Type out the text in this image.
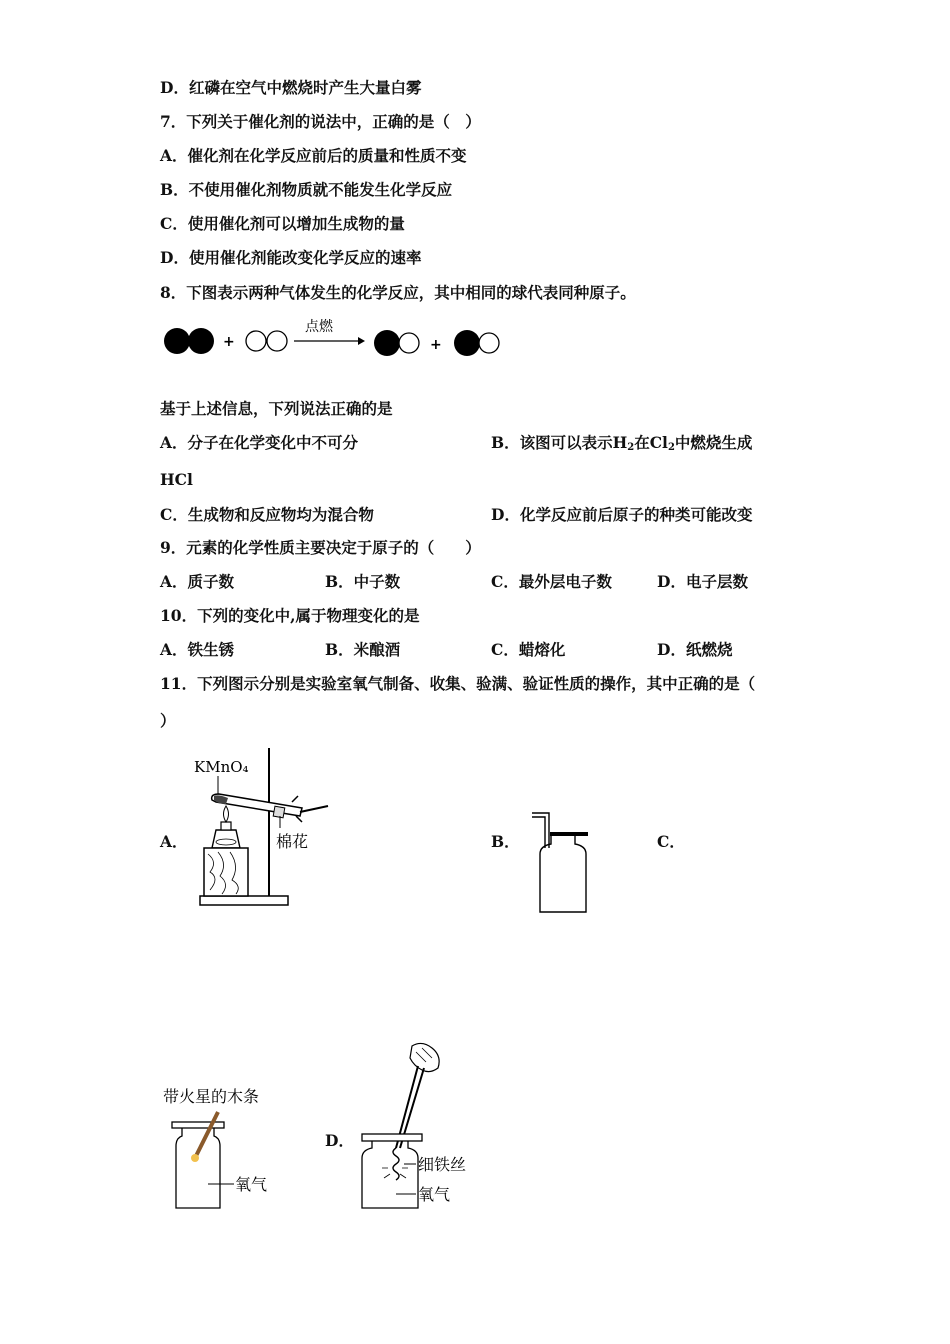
D．红磷在空气中燃烧时产生大量白雾
7．下列关于催化剂的说法中，正确的是（　）
A．催化剂在化学反应前后的质量和性质不变
B．不使用催化剂物质就不能发生化学反应
C．使用催化剂可以增加生成物的量
D．使用催化剂能改变化学反应的速率
8．下图表示两种气体发生的化学反应，其中相同的球代表同种原子。
+
点燃
+
基于上述信息，下列说法正确的是
A．分子在化学变化中不可分	B．该图可以表示$H_2$在$Cl_2$中燃烧生成
HCl
C．生成物和反应物均为混合物	D．化学反应前后原子的种类可能改变
9．元素的化学性质主要决定于原子的（　　）
A．质子数	B．中子数	C．最外层电子数	D．电子层数
10．下列的变化中,属于物理变化的是
A．铁生锈	B．米酿酒	C．蜡熔化	D．纸燃烧
11．下列图示分别是实验室氧气制备、收集、验满、验证性质的操作，其中正确的是（
）
A．	B．	C．
D．
KMnO₄
棉花
带火星的木条
氧气
细铁丝
氧气
